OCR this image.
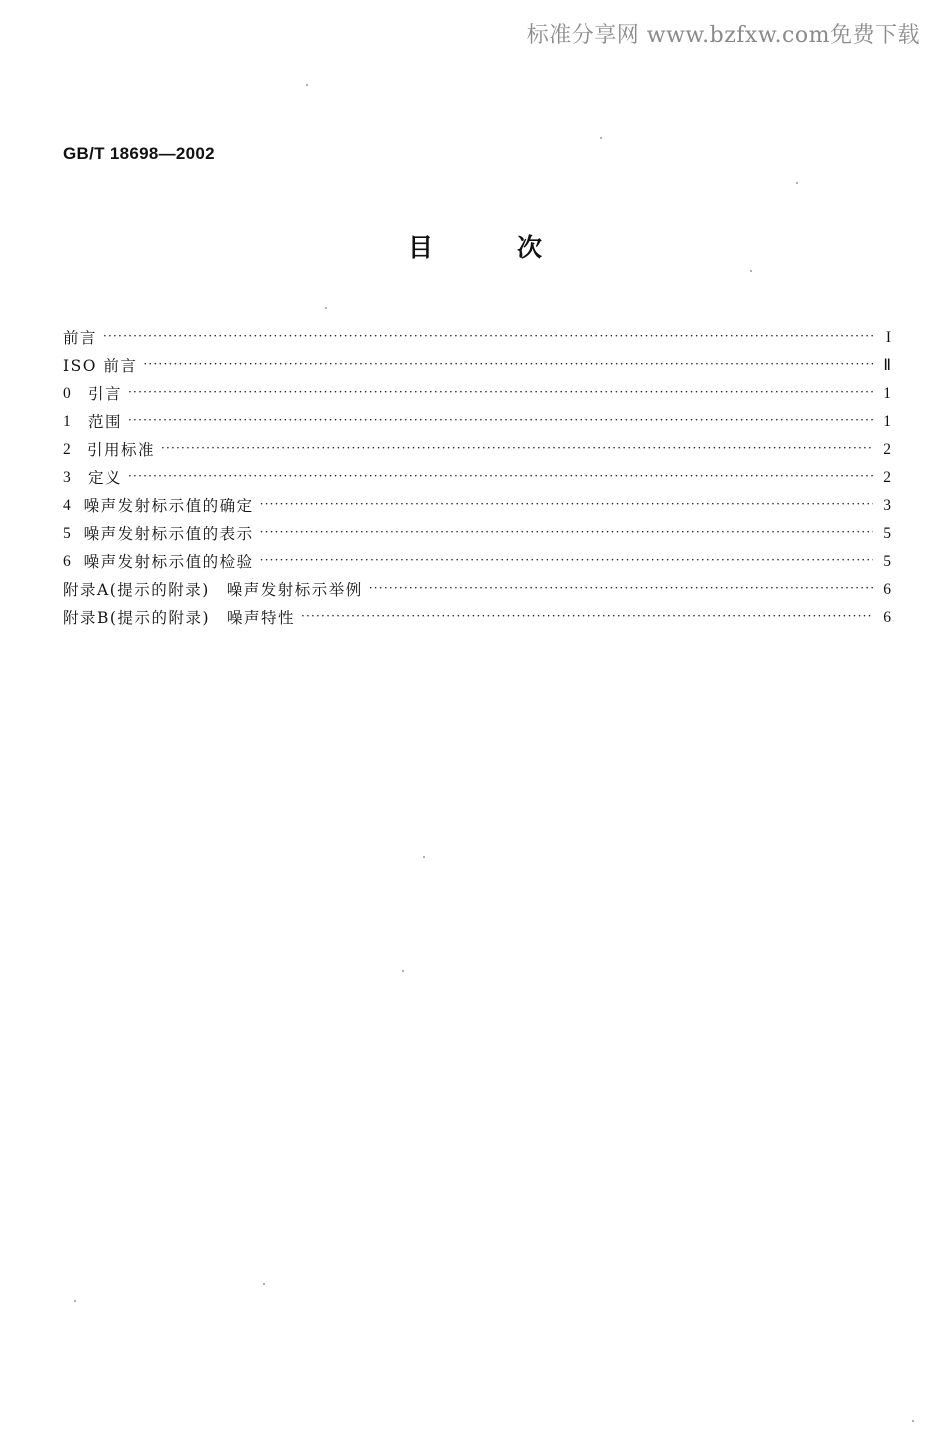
标准分享网 www.bzfxw.com免费下载
GB/T 18698—2002
目次
前言 ·····	I
ISO 前言 ·····	Ⅱ
0	引言 ·····	1
1	范围 ·····	1
2	引用标准 ·····	2
3	定义 ·····	2
4 噪声发射标示值的确定 ·····	3
5 噪声发射标示值的表示 ·····	5
6 噪声发射标示值的检验 ·····	5
附录A(提示的附录)　噪声发射标示举例 ·····	6
附录B(提示的附录)　噪声特性 ·····	6
